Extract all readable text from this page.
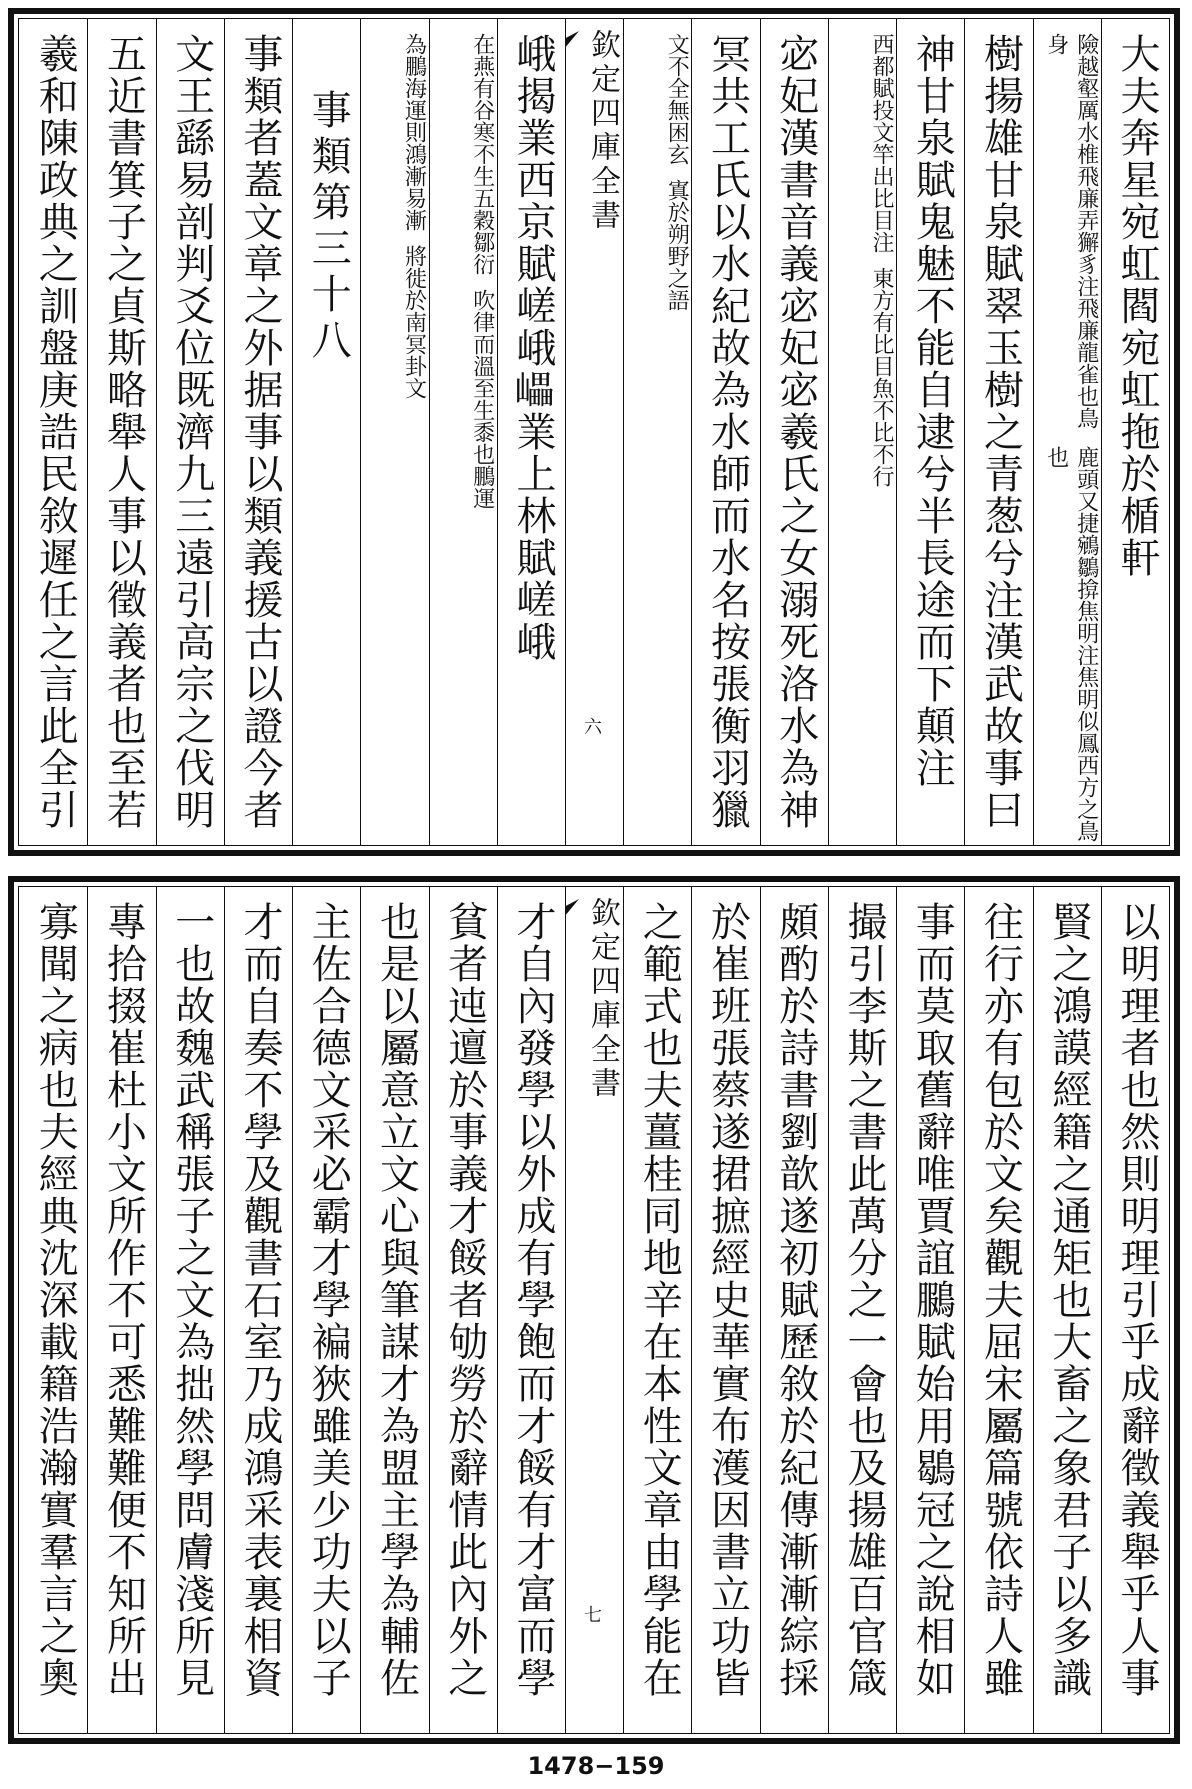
大夫奔星宛虹閻宛虹拖於楯軒
險越壑厲水椎飛廉弄獬豸注飛廉龍雀也鳥身
鹿頭又捷鵷鶵揜焦明注焦明似鳳西方之鳥也
樹揚雄甘泉賦翠玉樹之青葱兮注漢武故事曰
神甘泉賦鬼魅不能自逮兮半長途而下顛注
西都賦投文竿出比目注
東方有比目魚不比不行
宓妃漢書音義宓妃宓羲氏之女溺死洛水為神
冥共工氏以水紀故為水師而水名按張衡羽獵
文不全無困玄
寘於朔野之語
欽定四庫全書
六
峨揭業西京賦嵯峨𡾊業上林賦嵯峨
在燕有谷寒不生五穀鄒衍
吹律而溫至生黍也鵬運
為鵬海運則鴻漸易漸
將徙於南冥卦文
事類第三十八
事類者蓋文章之外据事以類義援古以證今者
文王繇易剖判爻位既濟九三遠引高宗之伐明
五近書箕子之貞斯略舉人事以徵義者也至若
羲和陳政典之訓盤庚誥民敘遲任之言此全引
以明理者也然則明理引乎成辭徵義舉乎人事
賢之鴻謨經籍之通矩也大畜之象君子以多識
往行亦有包於文矣觀夫屈宋屬篇號依詩人雖
事而莫取舊辭唯賈誼鵩賦始用鶡冠之說相如
撮引李斯之書此萬分之一會也及揚雄百官箴
頗酌於詩書劉歆遂初賦歷敘於紀傳漸漸綜採
於崔班張蔡遂捃摭經史華實布濩因書立功皆
之範式也夫薑桂同地辛在本性文章由學能在
欽定四庫全書
七
才自內發學以外成有學飽而才餒有才富而學
貧者迍邅於事義才餒者劬勞於辭情此內外之
也是以屬意立文心與筆謀才為盟主學為輔佐
主佐合德文采必霸才學褊狹雖美少功夫以子
才而自奏不學及觀書石室乃成鴻采表裏相資
一也故魏武稱張子之文為拙然學問膚淺所見
專拾掇崔杜小文所作不可悉難難便不知所出
寡聞之病也夫經典沈深載籍浩瀚實羣言之奧
1478−159
